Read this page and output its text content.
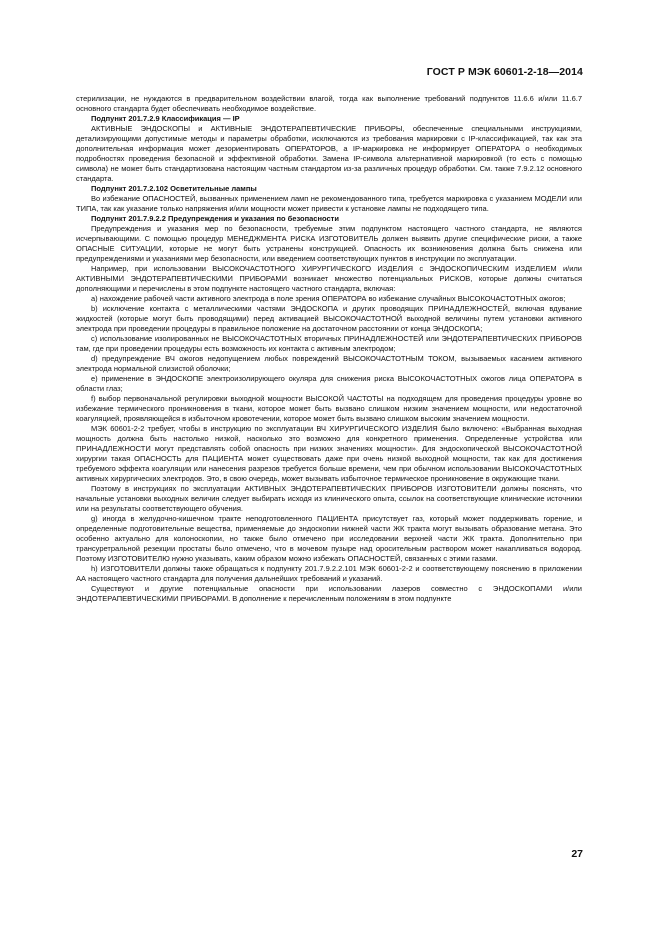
ГОСТ Р МЭК 60601-2-18—2014

стерилизации, не нуждаются в предварительном воздействии влагой, тогда как выполнение требований подпунктов 11.6.6 и/или 11.6.7 основного стандарта будет обеспечивать необходимое воздействие.

Подпункт 201.7.2.9 Классификация — IP

АКТИВНЫЕ ЭНДОСКОПЫ и АКТИВНЫЕ ЭНДОТЕРАПЕВТИЧЕСКИЕ ПРИБОРЫ, обеспеченные специальными инструкциями, детализирующими допустимые методы и параметры обработки, исключаются из требования маркировки с IP-классификацией, так как эта дополнительная информация может дезориентировать ОПЕРАТОРОВ, а IP-маркировка не информирует ОПЕРАТОРА о необходимых подробностях проведения безопасной и эффективной обработки. Замена IP-символа альтернативной маркировкой (то есть с помощью символа) не может быть стандартизована настоящим частным стандартом из-за различных процедур обработки. См. также 7.9.2.12 основного стандарта.

Подпункт 201.7.2.102 Осветительные лампы

Во избежание ОПАСНОСТЕЙ, вызванных применением ламп не рекомендованного типа, требуется маркировка с указанием МОДЕЛИ или ТИПА, так как указание только напряжения и/или мощности может привести к установке лампы не подходящего типа.

Подпункт 201.7.9.2.2 Предупреждения и указания по безопасности

Предупреждения и указания мер по безопасности, требуемые этим подпунктом настоящего частного стандарта, не являются исчерпывающими. С помощью процедур МЕНЕДЖМЕНТА РИСКА ИЗГОТОВИТЕЛЬ должен выявить другие специфические риски, а также ОПАСНЫЕ СИТУАЦИИ, которые не могут быть устранены конструкцией. Опасность их возникновения должна быть снижена или предупреждениями и указаниями мер безопасности, или введением соответствующих пунктов в инструкции по эксплуатации.

Например, при использовании ВЫСОКОЧАСТОТНОГО ХИРУРГИЧЕСКОГО ИЗДЕЛИЯ с ЭНДОСКОПИЧЕСКИМ ИЗДЕЛИЕМ и/или АКТИВНЫМИ ЭНДОТЕРАПЕВТИЧЕСКИМИ ПРИБОРАМИ возникает множество потенциальных РИСКОВ, которые должны считаться дополняющими и перечислены в этом подпункте настоящего частного стандарта, включая:

a) нахождение рабочей части активного электрода в поле зрения ОПЕРАТОРА во избежание случайных ВЫСОКОЧАСТОТНЫХ ожогов;

b) исключение контакта с металлическими частями ЭНДОСКОПА и других проводящих ПРИНАДЛЕЖНОСТЕЙ, включая вдувание жидкостей (которые могут быть проводящими) перед активацией ВЫСОКОЧАСТОТНОЙ выходной величины путем установки активного электрода при проведении процедуры в правильное положение на достаточном расстоянии от конца ЭНДОСКОПА;

c) использование изолированных не ВЫСОКОЧАСТОТНЫХ вторичных ПРИНАДЛЕЖНОСТЕЙ или ЭНДОТЕРАПЕВТИЧЕСКИХ ПРИБОРОВ там, где при проведении процедуры есть возможность их контакта с активным электродом;

d) предупреждение ВЧ ожогов недопущением любых повреждений ВЫСОКОЧАСТОТНЫМ ТОКОМ, вызываемых касанием активного электрода нормальной слизистой оболочки;

e) применение в ЭНДОСКОПЕ электроизолирующего окуляра для снижения риска ВЫСОКОЧАСТОТНЫХ ожогов лица ОПЕРАТОРА в области глаз;

f) выбор первоначальной регулировки выходной мощности ВЫСОКОЙ ЧАСТОТЫ на подходящем для проведения процедуры уровне во избежание термического проникновения в ткани, которое может быть вызвано слишком низким значением мощности, или недостаточной коагуляцией, проявляющейся в избыточном кровотечении, которое может быть вызвано слишком высоким значением мощности.

МЭК 60601-2-2 требует, чтобы в инструкцию по эксплуатации ВЧ ХИРУРГИЧЕСКОГО ИЗДЕЛИЯ было включено: «Выбранная выходная мощность должна быть настолько низкой, насколько это возможно для конкретного применения. Определенные устройства или ПРИНАДЛЕЖНОСТИ могут представлять собой опасность при низких значениях мощности». Для эндоскопической ВЫСОКОЧАСТОТНОЙ хирургии такая ОПАСНОСТЬ для ПАЦИЕНТА может существовать даже при очень низкой выходной мощности, так как для достижения требуемого эффекта коагуляции или нанесения разрезов требуется больше времени, чем при обычном использовании ВЫСОКОЧАСТОТНЫХ активных хирургических электродов. Это, в свою очередь, может вызывать избыточное термическое проникновение в окружающие ткани.

Поэтому в инструкциях по эксплуатации АКТИВНЫХ ЭНДОТЕРАПЕВТИЧЕСКИХ ПРИБОРОВ ИЗГОТОВИТЕЛИ должны пояснять, что начальные установки выходных величин следует выбирать исходя из клинического опыта, ссылок на соответствующие клинические источники или на результаты соответствующего обучения.

g) иногда в желудочно-кишечном тракте неподготовленного ПАЦИЕНТА присутствует газ, который может поддерживать горение, и определенные подготовительные вещества, применяемые до эндоскопии нижней части ЖК тракта могут вызывать образование метана. Это особенно актуально для колоноскопии, но также было отмечено при исследовании верхней части ЖК тракта. Дополнительно при трансуретральной резекции простаты было отмечено, что в мочевом пузыре над оросительным раствором может накапливаться водород. Поэтому ИЗГОТОВИТЕЛЮ нужно указывать, каким образом можно избежать ОПАСНОСТЕЙ, связанных с этими газами.

h) ИЗГОТОВИТЕЛИ должны также обращаться к подпункту 201.7.9.2.2.101 МЭК 60601-2-2 и соответствующему пояснению в приложении АА настоящего частного стандарта для получения дальнейших требований и указаний.

Существуют и другие потенциальные опасности при использовании лазеров совместно с ЭНДОСКОПАМИ и/или ЭНДОТЕРАПЕВТИЧЕСКИМИ ПРИБОРАМИ. В дополнение к перечисленным положениям в этом подпункте

27
